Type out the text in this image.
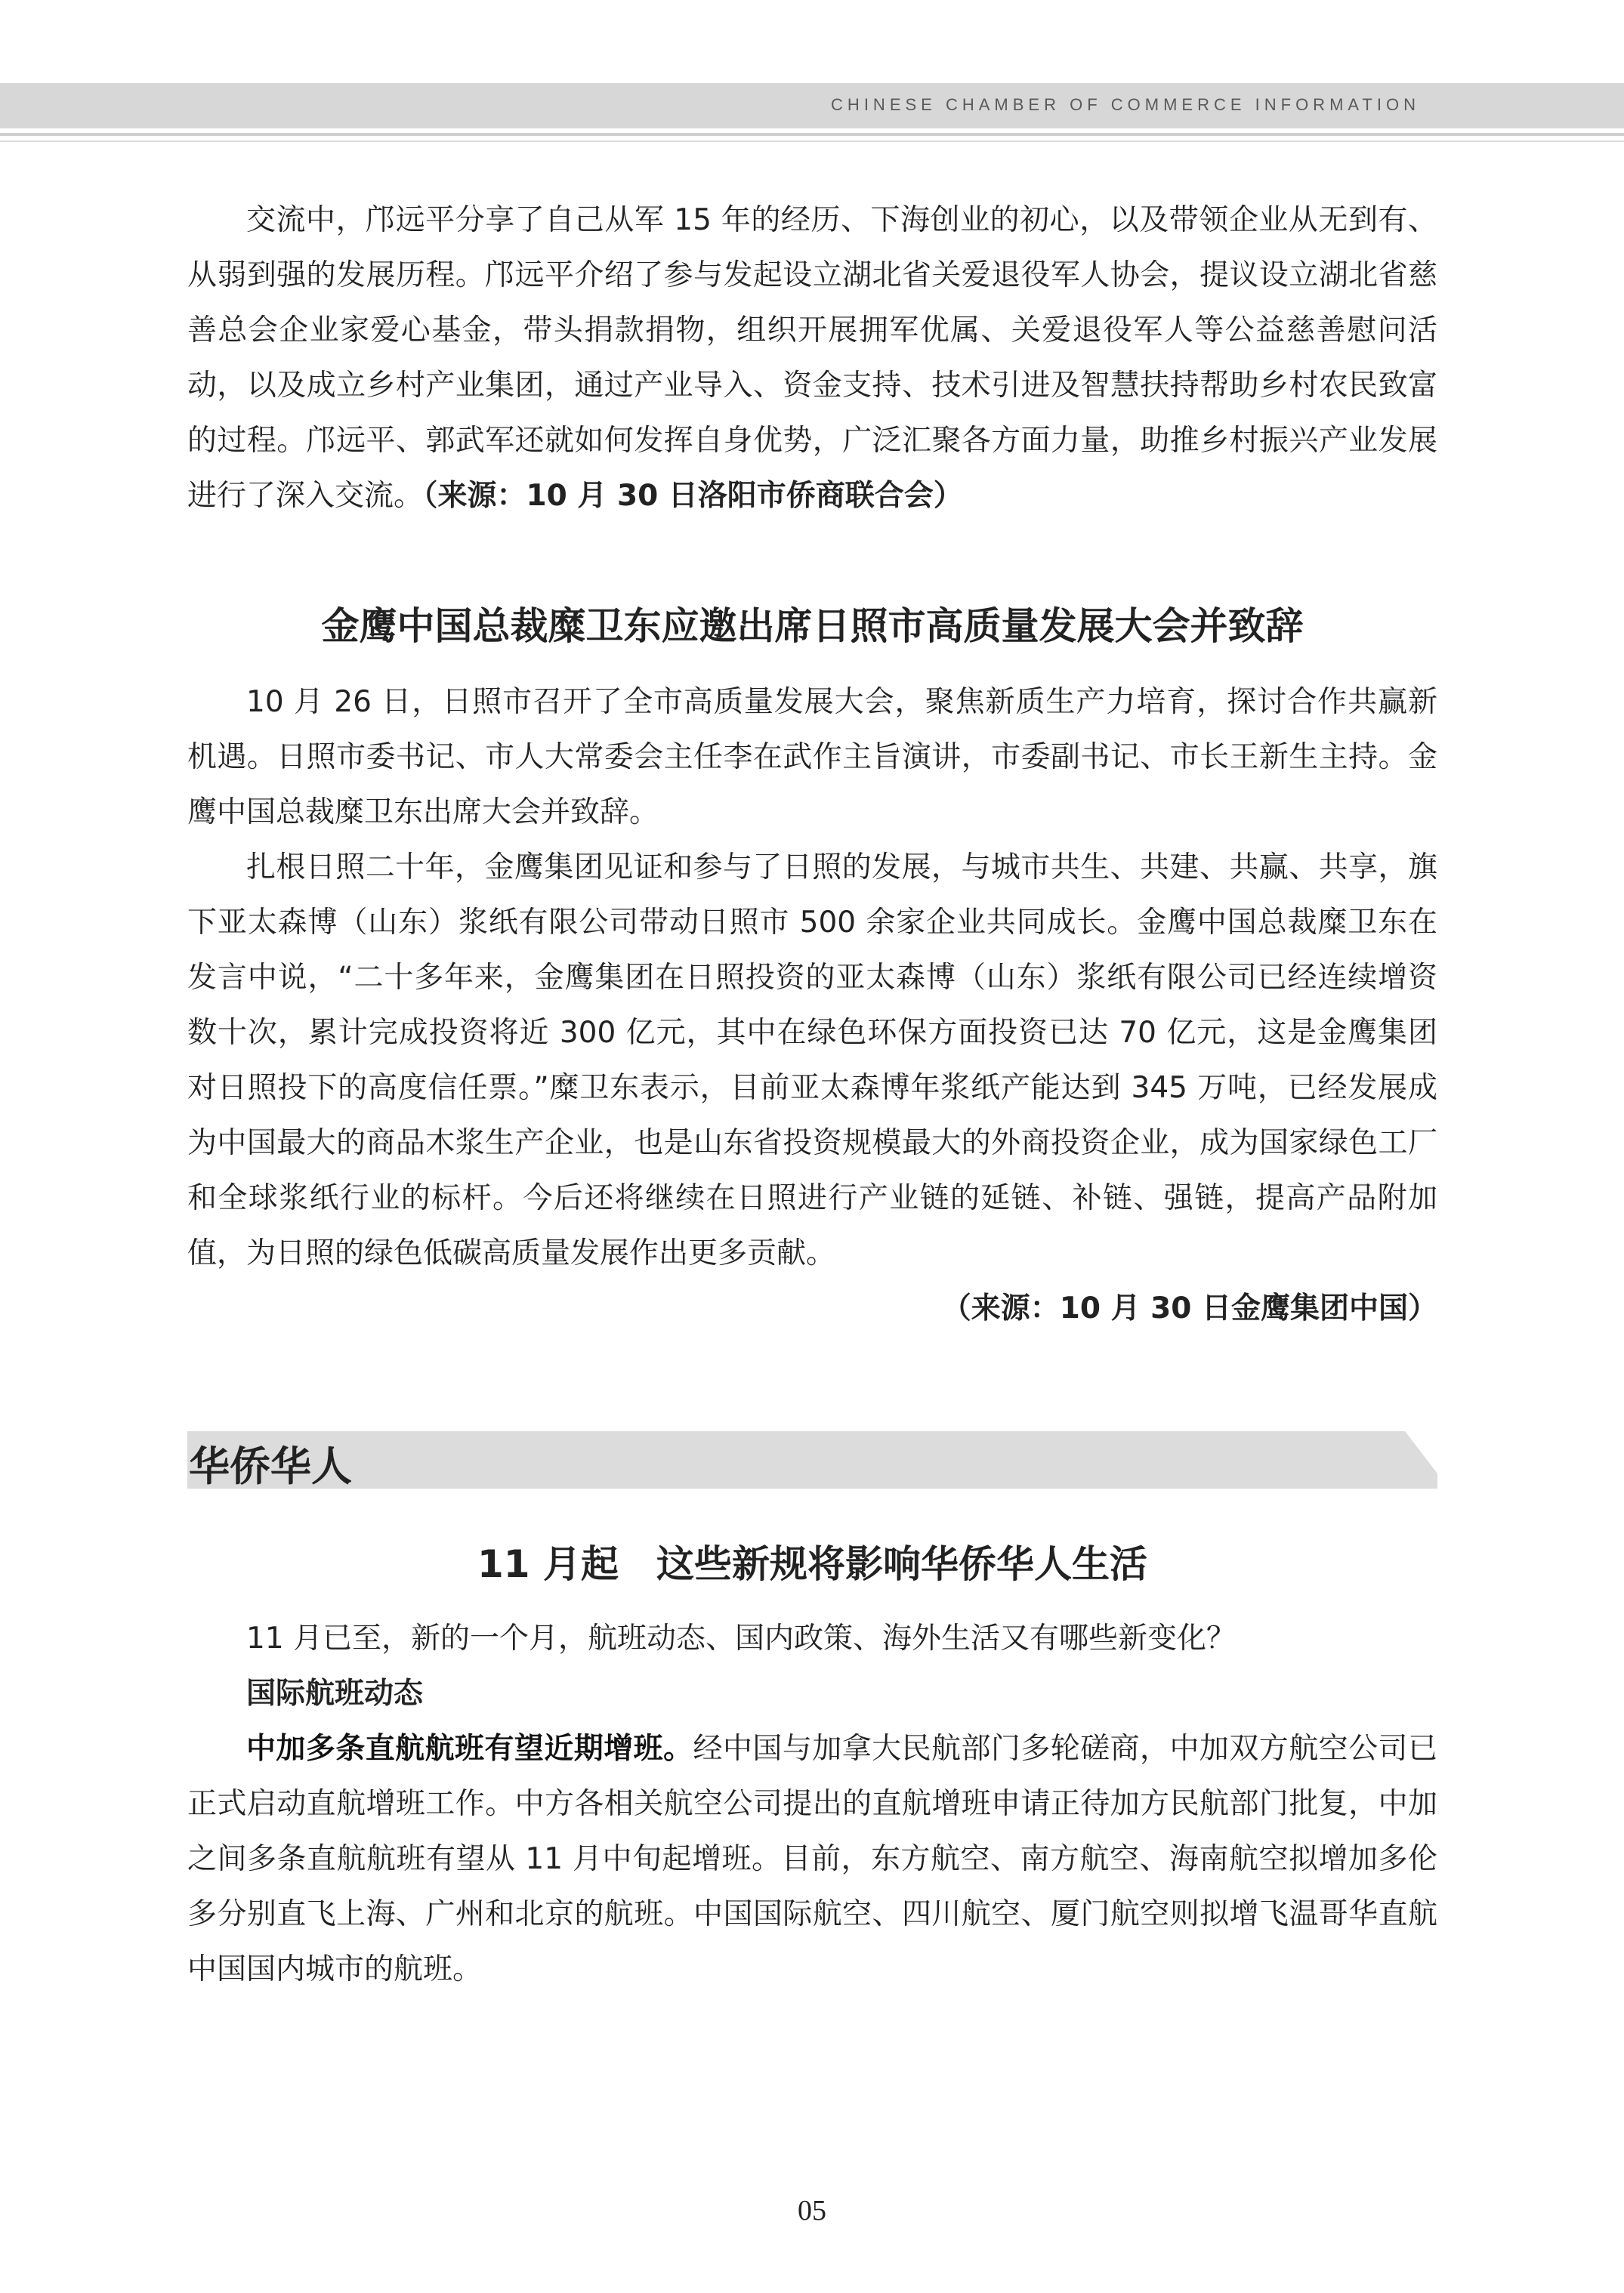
CHINESE CHAMBER OF COMMERCE INFORMATION

交流中，邝远平分享了自己从军 15 年的经历、下海创业的初心，以及带领企业从无到有、从弱到强的发展历程。邝远平介绍了参与发起设立湖北省关爱退役军人协会，提议设立湖北省慈善总会企业家爱心基金，带头捐款捐物，组织开展拥军优属、关爱退役军人等公益慈善慰问活动，以及成立乡村产业集团，通过产业导入、资金支持、技术引进及智慧扶持帮助乡村农民致富的过程。邝远平、郭武军还就如何发挥自身优势，广泛汇聚各方面力量，助推乡村振兴产业发展进行了深入交流。（来源：10 月 30 日洛阳市侨商联合会）

金鹰中国总裁糜卫东应邀出席日照市高质量发展大会并致辞

10 月 26 日，日照市召开了全市高质量发展大会，聚焦新质生产力培育，探讨合作共赢新机遇。日照市委书记、市人大常委会主任李在武作主旨演讲，市委副书记、市长王新生主持。金鹰中国总裁糜卫东出席大会并致辞。

扎根日照二十年，金鹰集团见证和参与了日照的发展，与城市共生、共建、共赢、共享，旗下亚太森博（山东）浆纸有限公司带动日照市 500 余家企业共同成长。金鹰中国总裁糜卫东在发言中说，“二十多年来，金鹰集团在日照投资的亚太森博（山东）浆纸有限公司已经连续增资数十次，累计完成投资将近 300 亿元，其中在绿色环保方面投资已达 70 亿元，这是金鹰集团对日照投下的高度信任票。”糜卫东表示，目前亚太森博年浆纸产能达到 345 万吨，已经发展成为中国最大的商品木浆生产企业，也是山东省投资规模最大的外商投资企业，成为国家绿色工厂和全球浆纸行业的标杆。今后还将继续在日照进行产业链的延链、补链、强链，提高产品附加值，为日照的绿色低碳高质量发展作出更多贡献。

（来源：10 月 30 日金鹰集团中国）

华侨华人
11 月起　这些新规将影响华侨华人生活

11 月已至，新的一个月，航班动态、国内政策、海外生活又有哪些新变化？

国际航班动态

中加多条直航航班有望近期增班。经中国与加拿大民航部门多轮磋商，中加双方航空公司已正式启动直航增班工作。中方各相关航空公司提出的直航增班申请正待加方民航部门批复，中加之间多条直航航班有望从 11 月中旬起增班。目前，东方航空、南方航空、海南航空拟增加多伦多分别直飞上海、广州和北京的航班。中国国际航空、四川航空、厦门航空则拟增飞温哥华直航中国国内城市的航班。

05
